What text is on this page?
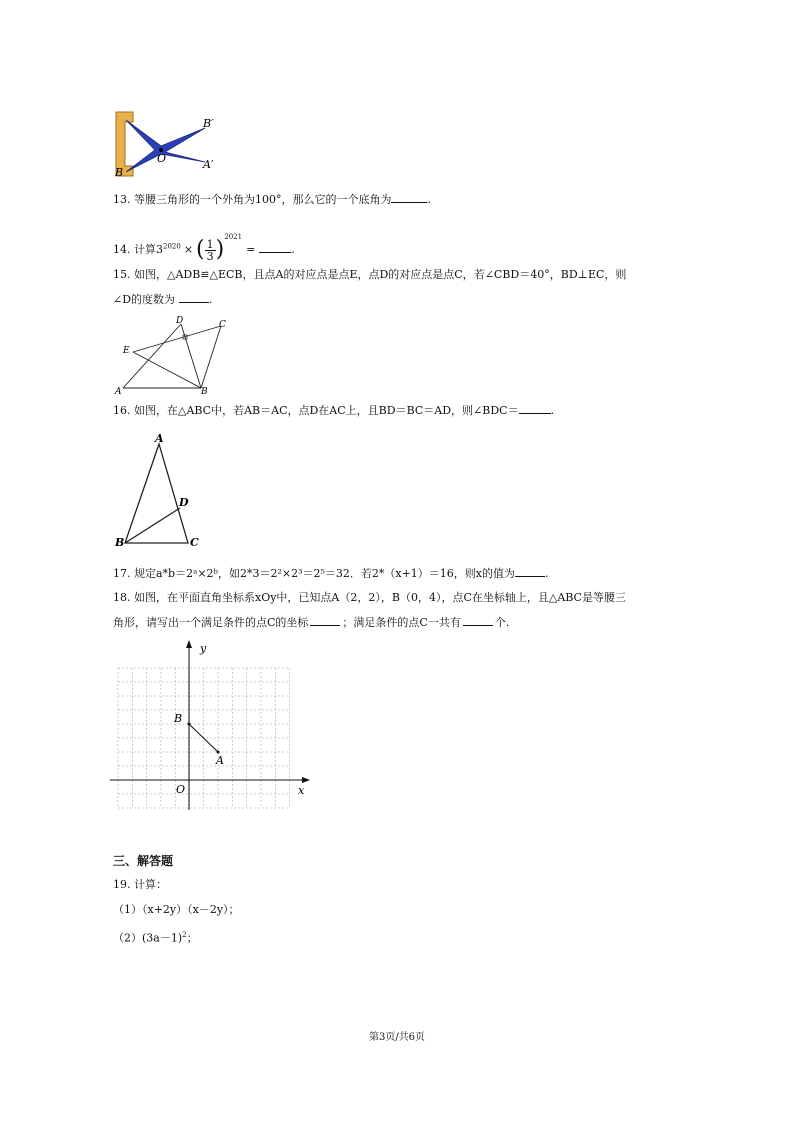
B′
O	A′
B
13. 等腰三角形的一个外角为100°，那么它的一个底角为	.
14. 计算$3^{2020}$ × ( $\frac{1}{3} )^{2021}=$	.
15. 如图，△ADB≌△ECB，且点A的对应点是点E，点D的对应点是点C，若∠CBD＝40°，BD⊥EC，则
∠D的度数为	.
D	C
E
A	B
16. 如图，在△ABC中，若AB＝AC，点D在AC上，且BD＝BC＝AD，则∠BDC＝	.
A
D
B	C
17. 规定a*b＝2ᵃ×2ᵇ，如2*3＝2²×2³＝2⁵＝32．若2*（x+1）＝16，则x的值为	.
18. 如图，在平面直角坐标系xOy中，已知点A（2，2），B（0，4），点C在坐标轴上，且△ABC是等腰三
角形，请写出一个满足条件的点C的坐标	；满足条件的点C一共有	个.
y
x
O
B
A
三、解答题
19. 计算：
（1）（x+2y）（x－2y）；
$(2)(3a-1)^2$；
第3页/共6页
